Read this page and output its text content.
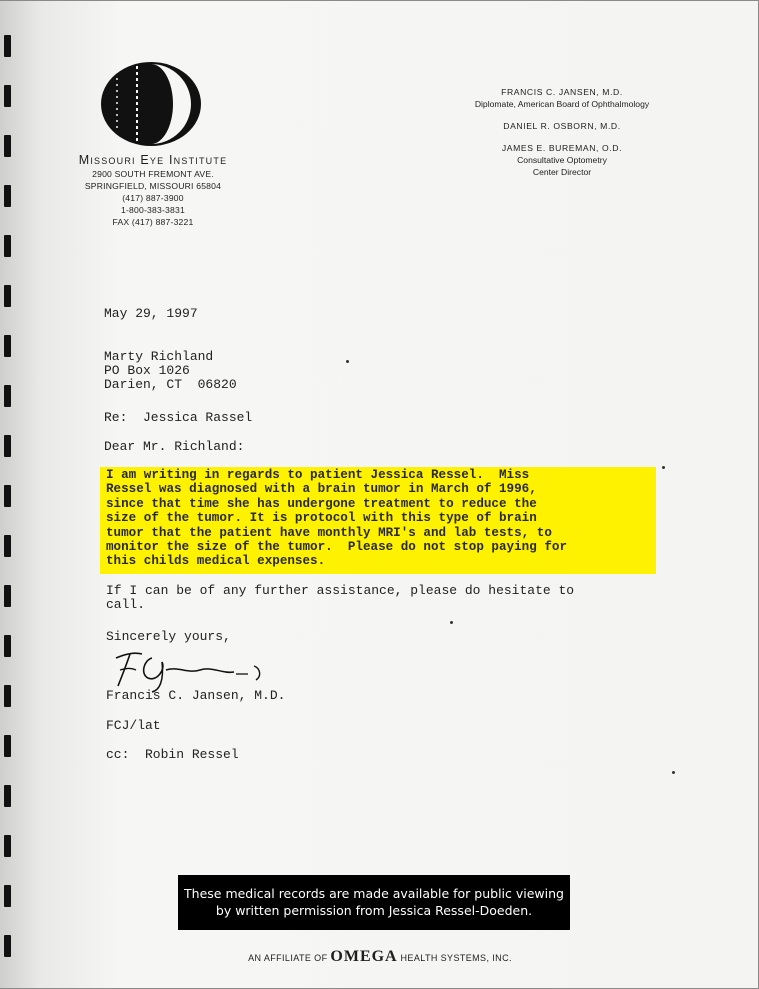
Missouri Eye Institute
2900 SOUTH FREMONT AVE.
SPRINGFIELD, MISSOURI 65804
(417) 887-3900
1-800-383-3831
FAX (417) 887-3221
FRANCIS C. JANSEN, M.D.
Diplomate, American Board of Ophthalmology
DANIEL R. OSBORN, M.D.
JAMES E. BUREMAN, O.D.
Consultative Optometry
Center Director
May 29, 1997
Marty Richland
PO Box 1026
Darien, CT  06820
Re:  Jessica Rassel
Dear Mr. Richland:
I am writing in regards to patient Jessica Ressel.  Miss
Ressel was diagnosed with a brain tumor in March of 1996,
since that time she has undergone treatment to reduce the
size of the tumor. It is protocol with this type of brain
tumor that the patient have monthly MRI's and lab tests, to
monitor the size of the tumor.  Please do not stop paying for
this childs medical expenses.
If I can be of any further assistance, please do hesitate to
call.
Sincerely yours,
Francis C. Jansen, M.D.
FCJ/lat
cc:  Robin Ressel
These medical records are made available for public viewing
by written permission from Jessica Ressel-Doeden.
AN AFFILIATE OF OMEGA HEALTH SYSTEMS, INC.
